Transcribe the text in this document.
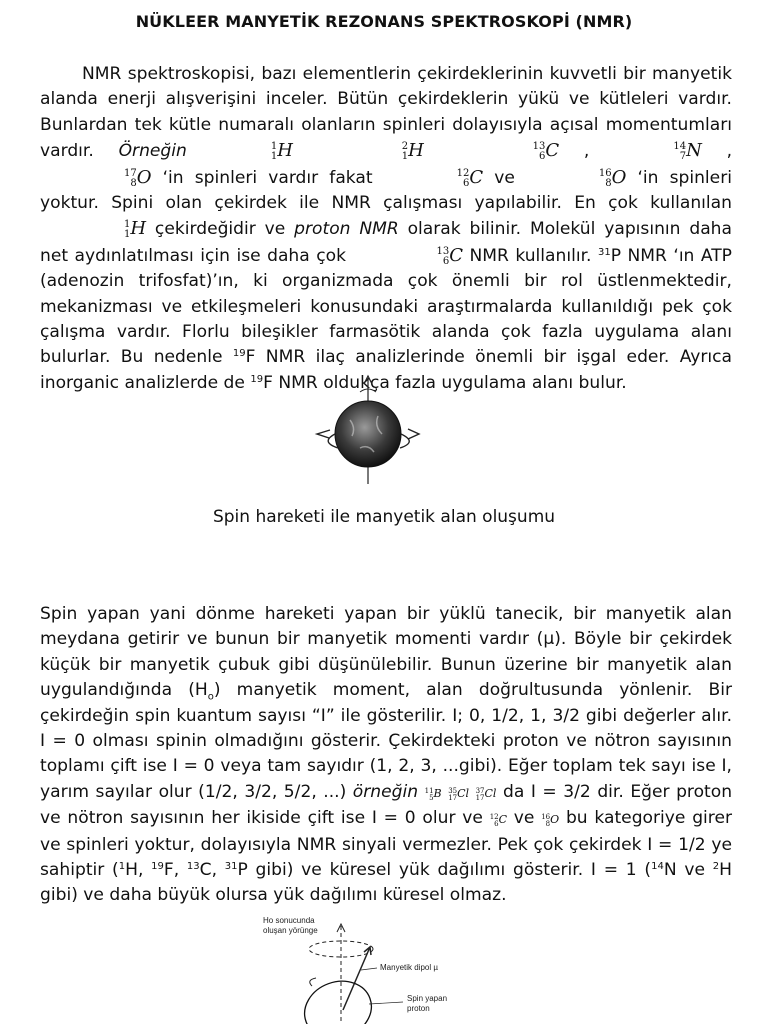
NÜKLEER MANYETİK REZONANS SPEKTROSKOPİ (NMR)

NMR spektroskopisi, bazı elementlerin çekirdeklerinin kuvvetli bir manyetik alanda enerji alışverişini inceler. Bütün çekirdeklerin yükü ve kütleleri vardır. Bunlardan tek kütle numaralı olanların spinleri dolayısıyla açısal momentumları vardır. Örneğin	1
1 H	2
1 H	13
6 C ,	14
7 N ,
17
8 O ‘in spinleri vardır fakat	12
6 C ve	16
8 O ‘in spinleri yoktur. Spini olan çekirdek ile NMR çalışması yapılabilir. En çok kullanılan
1
1 H çekirdeğidir ve proton NMR olarak bilinir. Molekül yapısının daha net aydınlatılması için ise daha çok	13
6 C NMR kullanılır. $^{31}$P NMR ‘ın ATP (adenozin trifosfat)’ın, ki organizmada çok önemli bir rol üstlenmektedir, mekanizması ve etkileşmeleri konusundaki araştırmalarda kullanıldığı pek çok çalışma vardır. Florlu bileşikler farmasötik alanda çok fazla uygulama alanı bulurlar. Bu nedenle $^{19}$F NMR ilaç analizlerinde önemli bir işgal eder. Ayrıca inorganic analizlerde de $^{19}$F NMR oldukça fazla uygulama alanı bulur.

Spin hareketi ile manyetik alan oluşumu

Spin yapan yani dönme hareketi yapan bir yüklü tanecik, bir manyetik alan meydana getirir ve bunun bir manyetik momenti vardır (µ). Böyle bir çekirdek küçük bir manyetik çubuk gibi düşünülebilir. Bunun üzerine bir manyetik alan uygulandığında $(H_o)$ manyetik moment, alan doğrultusunda yönlenir. Bir çekirdeğin spin kuantum sayısı “I” ile gösterilir. I; 0, 1/2, 1, 3/2 gibi değerler alır. I = 0 olması spinin olmadığını gösterir. Çekirdekteki proton ve nötron sayısının toplamı çift ise I = 0 veya tam sayıdır (1, 2, 3, ...gibi). Eğer toplam tek sayı ise I, yarım sayılar olur (1/2, 3/2, 5/2, ...) örneğin 11
5 B 35
17 Cl 37
17 Cl da I = 3/2 dir. Eğer proton ve nötron sayısının her ikiside çift ise I = 0 olur ve 12
6 C ve 16
8 O bu kategoriye girer ve spinleri yoktur, dolayısıyla NMR sinyali vermezler. Pek çok çekirdek I = 1/2 ye sahiptir ($^1$H, $^{19}$F, $^{13}$C, $^{31}$P gibi) ve küresel yük dağılımı gösterir. I = 1 ($^{14}$N ve $^2$H gibi) ve daha büyük olursa yük dağılımı küresel olmaz.

Ho sonucunda
oluşan yörünge
Manyetik dipol µ
Spin yapan
proton
